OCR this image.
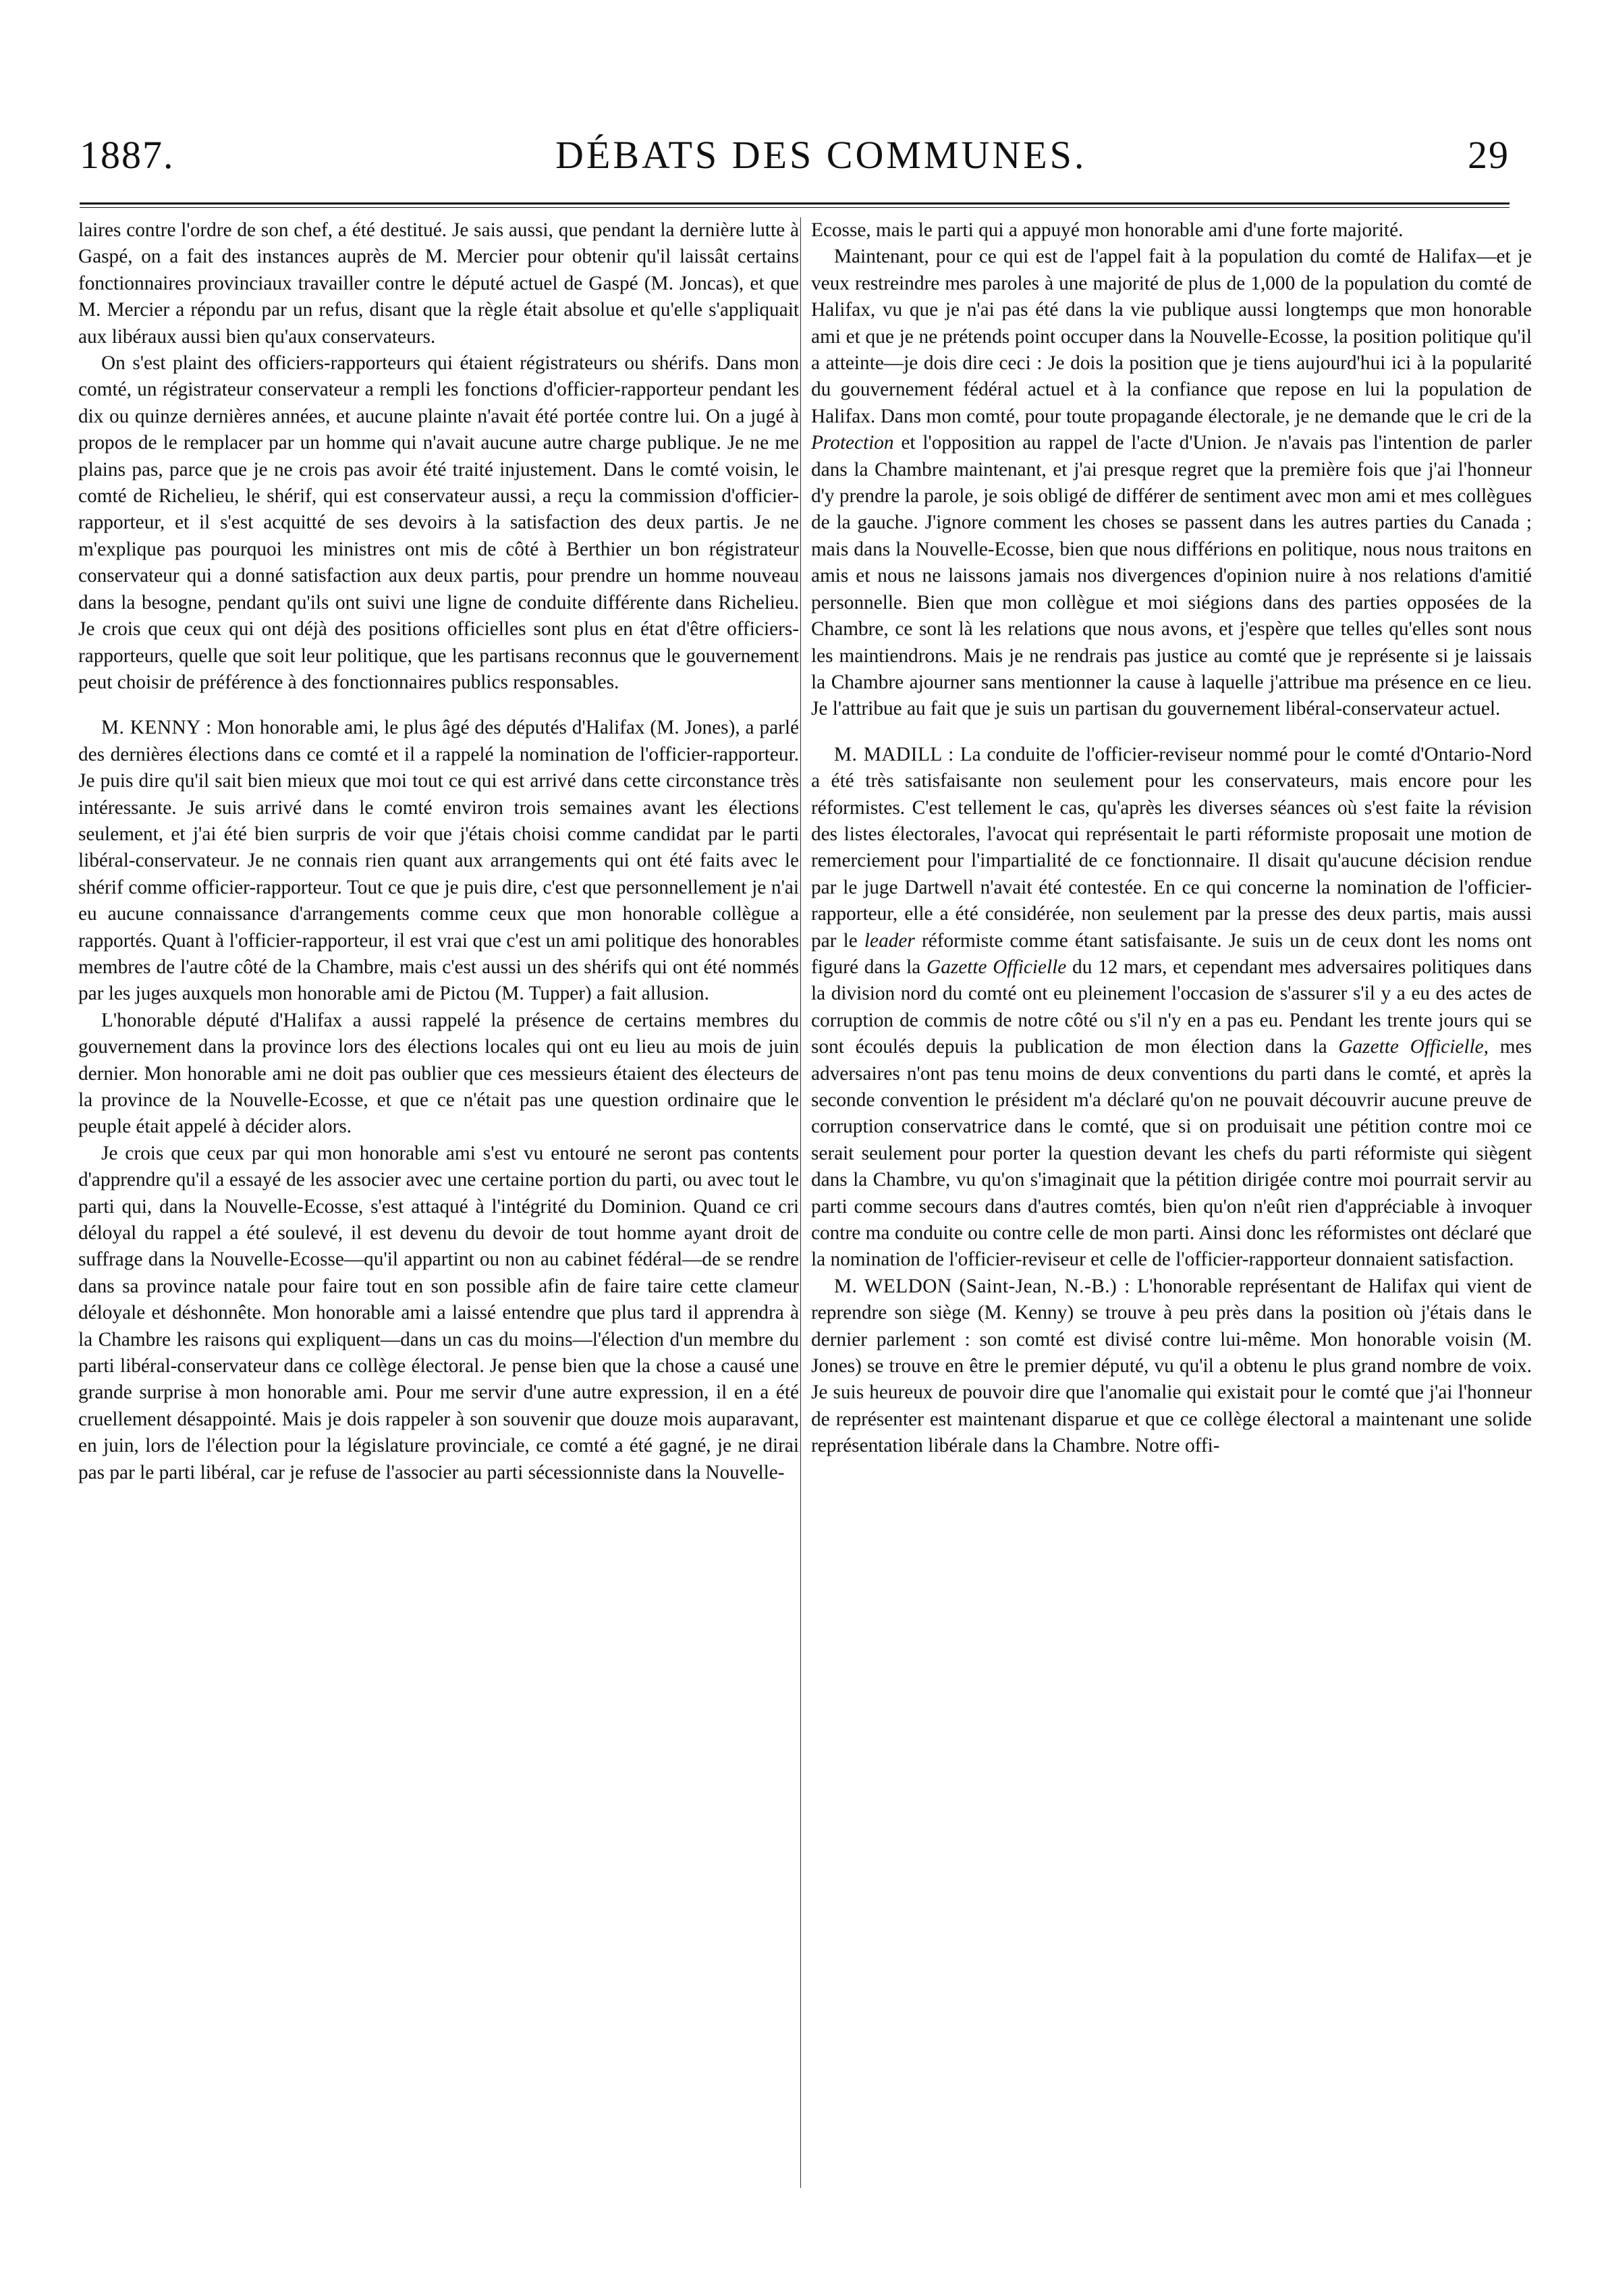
1887.	DÉBATS DES COMMUNES.	29

laires contre l'ordre de son chef, a été destitué. Je sais aussi, que pendant la dernière lutte à Gaspé, on a fait des instances auprès de M. Mercier pour obtenir qu'il laissât certains fonctionnaires provinciaux travailler contre le député actuel de Gaspé (M. Joncas), et que M. Mercier a répondu par un refus, disant que la règle était absolue et qu'elle s'appliquait aux libéraux aussi bien qu'aux conservateurs.

On s'est plaint des officiers-rapporteurs qui étaient régistrateurs ou shérifs. Dans mon comté, un régistrateur conservateur a rempli les fonctions d'officier-rapporteur pendant les dix ou quinze dernières années, et aucune plainte n'avait été portée contre lui. On a jugé à propos de le remplacer par un homme qui n'avait aucune autre charge publique. Je ne me plains pas, parce que je ne crois pas avoir été traité injustement. Dans le comté voisin, le comté de Richelieu, le shérif, qui est conservateur aussi, a reçu la commission d'officier-rapporteur, et il s'est acquitté de ses devoirs à la satisfaction des deux partis. Je ne m'explique pas pourquoi les ministres ont mis de côté à Berthier un bon régistrateur conservateur qui a donné satisfaction aux deux partis, pour prendre un homme nouveau dans la besogne, pendant qu'ils ont suivi une ligne de conduite différente dans Richelieu. Je crois que ceux qui ont déjà des positions officielles sont plus en état d'être officiers-rapporteurs, quelle que soit leur politique, que les partisans reconnus que le gouvernement peut choisir de préférence à des fonctionnaires publics responsables.

M. KENNY : Mon honorable ami, le plus âgé des députés d'Halifax (M. Jones), a parlé des dernières élections dans ce comté et il a rappelé la nomination de l'officier-rapporteur. Je puis dire qu'il sait bien mieux que moi tout ce qui est arrivé dans cette circonstance très intéressante. Je suis arrivé dans le comté environ trois semaines avant les élections seulement, et j'ai été bien surpris de voir que j'étais choisi comme candidat par le parti libéral-conservateur. Je ne connais rien quant aux arrangements qui ont été faits avec le shérif comme officier-rapporteur. Tout ce que je puis dire, c'est que personnellement je n'ai eu aucune connaissance d'arrangements comme ceux que mon honorable collègue a rapportés. Quant à l'officier-rapporteur, il est vrai que c'est un ami politique des honorables membres de l'autre côté de la Chambre, mais c'est aussi un des shérifs qui ont été nommés par les juges auxquels mon honorable ami de Pictou (M. Tupper) a fait allusion.

L'honorable député d'Halifax a aussi rappelé la présence de certains membres du gouvernement dans la province lors des élections locales qui ont eu lieu au mois de juin dernier. Mon honorable ami ne doit pas oublier que ces messieurs étaient des électeurs de la province de la Nouvelle-Ecosse, et que ce n'était pas une question ordinaire que le peuple était appelé à décider alors.

Je crois que ceux par qui mon honorable ami s'est vu entouré ne seront pas contents d'apprendre qu'il a essayé de les associer avec une certaine portion du parti, ou avec tout le parti qui, dans la Nouvelle-Ecosse, s'est attaqué à l'intégrité du Dominion. Quand ce cri déloyal du rappel a été soulevé, il est devenu du devoir de tout homme ayant droit de suffrage dans la Nouvelle-Ecosse—qu'il appartint ou non au cabinet fédéral—de se rendre dans sa province natale pour faire tout en son possible afin de faire taire cette clameur déloyale et déshonnête. Mon honorable ami a laissé entendre que plus tard il apprendra à la Chambre les raisons qui expliquent—dans un cas du moins—l'élection d'un membre du parti libéral-conservateur dans ce collège électoral. Je pense bien que la chose a causé une grande surprise à mon honorable ami. Pour me servir d'une autre expression, il en a été cruellement désappointé. Mais je dois rappeler à son souvenir que douze mois auparavant, en juin, lors de l'élection pour la législature provinciale, ce comté a été gagné, je ne dirai pas par le parti libéral, car je refuse de l'associer au parti sécessionniste dans la Nouvelle-

Ecosse, mais le parti qui a appuyé mon honorable ami d'une forte majorité.

Maintenant, pour ce qui est de l'appel fait à la population du comté de Halifax—et je veux restreindre mes paroles à une majorité de plus de 1,000 de la population du comté de Halifax, vu que je n'ai pas été dans la vie publique aussi longtemps que mon honorable ami et que je ne prétends point occuper dans la Nouvelle-Ecosse, la position politique qu'il a atteinte—je dois dire ceci : Je dois la position que je tiens aujourd'hui ici à la popularité du gouvernement fédéral actuel et à la confiance que repose en lui la population de Halifax. Dans mon comté, pour toute propagande électorale, je ne demande que le cri de la Protection et l'opposition au rappel de l'acte d'Union. Je n'avais pas l'intention de parler dans la Chambre maintenant, et j'ai presque regret que la première fois que j'ai l'honneur d'y prendre la parole, je sois obligé de différer de sentiment avec mon ami et mes collègues de la gauche. J'ignore comment les choses se passent dans les autres parties du Canada ; mais dans la Nouvelle-Ecosse, bien que nous différions en politique, nous nous traitons en amis et nous ne laissons jamais nos divergences d'opinion nuire à nos relations d'amitié personnelle. Bien que mon collègue et moi siégions dans des parties opposées de la Chambre, ce sont là les relations que nous avons, et j'espère que telles qu'elles sont nous les maintiendrons. Mais je ne rendrais pas justice au comté que je représente si je laissais la Chambre ajourner sans mentionner la cause à laquelle j'attribue ma présence en ce lieu. Je l'attribue au fait que je suis un partisan du gouvernement libéral-conservateur actuel.

M. MADILL : La conduite de l'officier-reviseur nommé pour le comté d'Ontario-Nord a été très satisfaisante non seulement pour les conservateurs, mais encore pour les réformistes. C'est tellement le cas, qu'après les diverses séances où s'est faite la révision des listes électorales, l'avocat qui représentait le parti réformiste proposait une motion de remerciement pour l'impartialité de ce fonctionnaire. Il disait qu'aucune décision rendue par le juge Dartwell n'avait été contestée. En ce qui concerne la nomination de l'officier-rapporteur, elle a été considérée, non seulement par la presse des deux partis, mais aussi par le leader réformiste comme étant satisfaisante. Je suis un de ceux dont les noms ont figuré dans la Gazette Officielle du 12 mars, et cependant mes adversaires politiques dans la division nord du comté ont eu pleinement l'occasion de s'assurer s'il y a eu des actes de corruption de commis de notre côté ou s'il n'y en a pas eu. Pendant les trente jours qui se sont écoulés depuis la publication de mon élection dans la Gazette Officielle, mes adversaires n'ont pas tenu moins de deux conventions du parti dans le comté, et après la seconde convention le président m'a déclaré qu'on ne pouvait découvrir aucune preuve de corruption conservatrice dans le comté, que si on produisait une pétition contre moi ce serait seulement pour porter la question devant les chefs du parti réformiste qui siègent dans la Chambre, vu qu'on s'imaginait que la pétition dirigée contre moi pourrait servir au parti comme secours dans d'autres comtés, bien qu'on n'eût rien d'appréciable à invoquer contre ma conduite ou contre celle de mon parti. Ainsi donc les réformistes ont déclaré que la nomination de l'officier-reviseur et celle de l'officier-rapporteur donnaient satisfaction.

M. WELDON (Saint-Jean, N.-B.) : L'honorable représentant de Halifax qui vient de reprendre son siège (M. Kenny) se trouve à peu près dans la position où j'étais dans le dernier parlement : son comté est divisé contre lui-même. Mon honorable voisin (M. Jones) se trouve en être le premier député, vu qu'il a obtenu le plus grand nombre de voix. Je suis heureux de pouvoir dire que l'anomalie qui existait pour le comté que j'ai l'honneur de représenter est maintenant disparue et que ce collège électoral a maintenant une solide représentation libérale dans la Chambre. Notre offi-
